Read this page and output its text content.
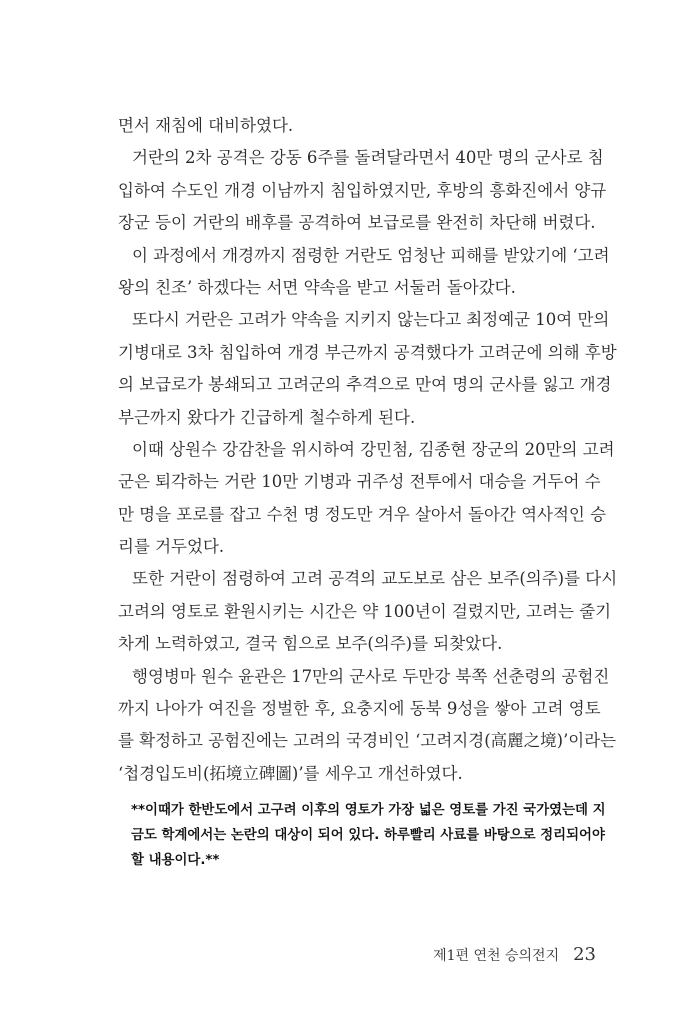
면서 재침에 대비하였다.
거란의 2차 공격은 강동 6주를 돌려달라면서 40만 명의 군사로 침
입하여 수도인 개경 이남까지 침입하였지만, 후방의 흥화진에서 양규
장군 등이 거란의 배후를 공격하여 보급로를 완전히 차단해 버렸다.
이 과정에서 개경까지 점령한 거란도 엄청난 피해를 받았기에 ‘고려
왕의 친조’ 하겠다는 서면 약속을 받고 서둘러 돌아갔다.
또다시 거란은 고려가 약속을 지키지 않는다고 최정예군 10여 만의
기병대로 3차 침입하여 개경 부근까지 공격했다가 고려군에 의해 후방
의 보급로가 봉쇄되고 고려군의 추격으로 만여 명의 군사를 잃고 개경
부근까지 왔다가 긴급하게 철수하게 된다.
이때 상원수 강감찬을 위시하여 강민첨, 김종현 장군의 20만의 고려
군은 퇴각하는 거란 10만 기병과 귀주성 전투에서 대승을 거두어 수
만 명을 포로를 잡고 수천 명 정도만 겨우 살아서 돌아간 역사적인 승
리를 거두었다.
또한 거란이 점령하여 고려 공격의 교도보로 삼은 보주(의주)를 다시
고려의 영토로 환원시키는 시간은 약 100년이 걸렸지만, 고려는 줄기
차게 노력하였고, 결국 힘으로 보주(의주)를 되찾았다.
행영병마 원수 윤관은 17만의 군사로 두만강 북쪽 선춘령의 공험진
까지 나아가 여진을 정벌한 후, 요충지에 동북 9성을 쌓아 고려 영토
를 확정하고 공험진에는 고려의 국경비인 ‘고려지경(高麗之境)’이라는
‘첩경입도비(拓境立碑圖)’를 세우고 개선하였다.
**이때가 한반도에서 고구려 이후의 영토가 가장 넓은 영토를 가진 국가였는데 지
금도 학계에서는 논란의 대상이 되어 있다. 하루빨리 사료를 바탕으로 정리되어야
할 내용이다.**
제1편 연천 승의전지 23
